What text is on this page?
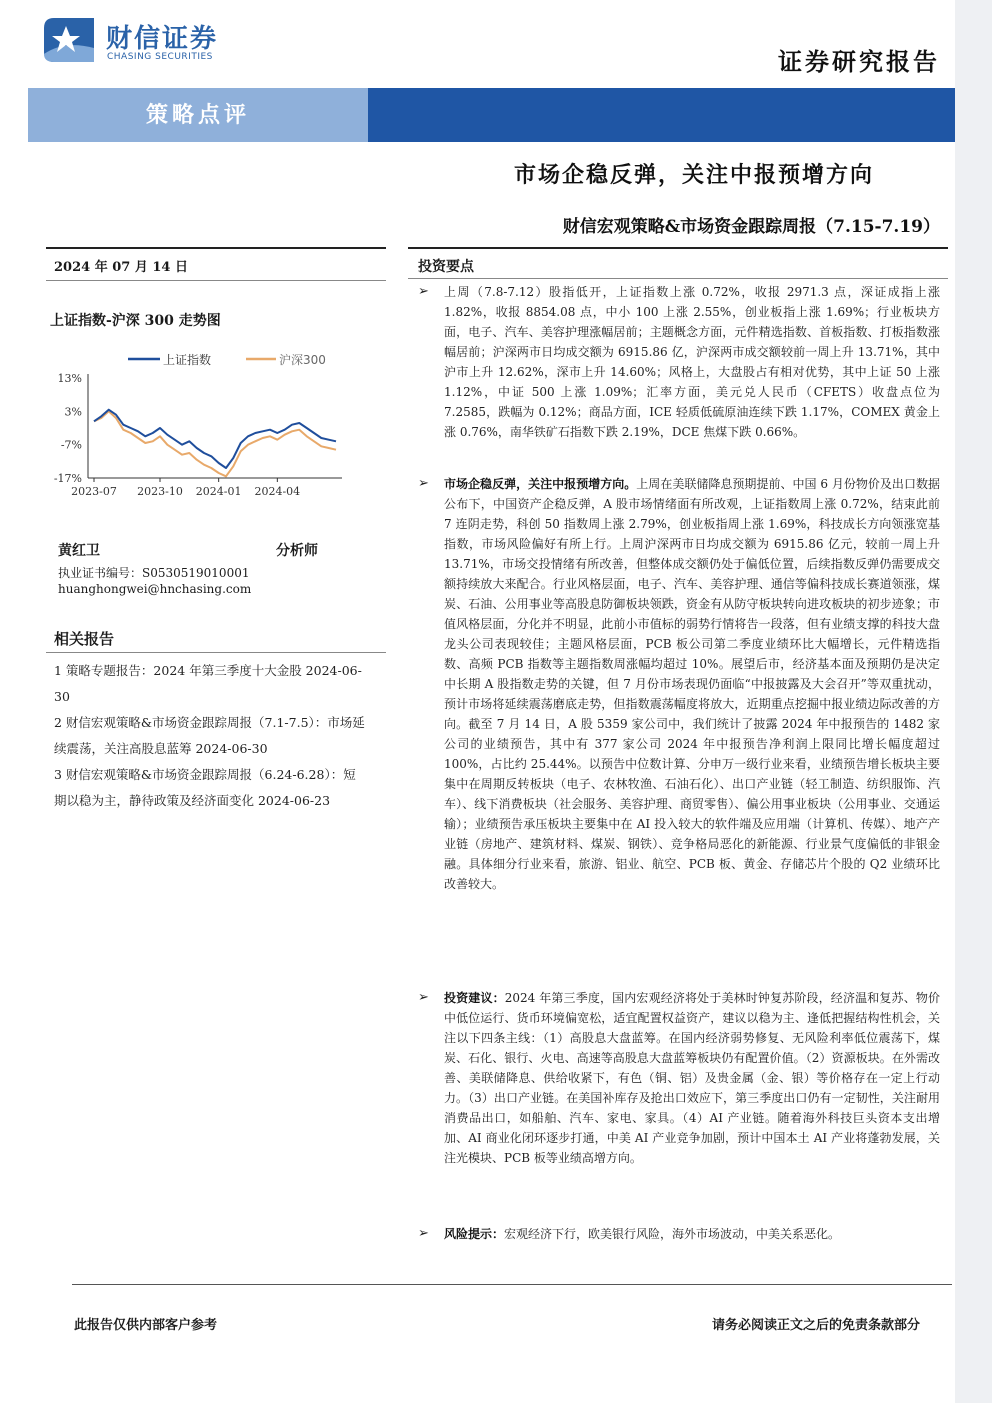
财信证券
CHASING SECURITIES	证券研究报告
策略点评
市场企稳反弹，关注中报预增方向
财信宏观策略&市场资金跟踪周报（7.15-7.19）
2024 年 07 月 14 日
上证指数-沪深 300 走势图
上证指数	沪深300
13%
3%
-7%
-17%
2023-07 2023-10 2024-01 2024-04
黄红卫	分析师
执业证书编号：S0530519010001
huanghongwei@hnchasing.com
相关报告
1 策略专题报告：2024 年第三季度十大金股 2024-06-30
2 财信宏观策略&市场资金跟踪周报（7.1-7.5）：市场延续震荡，关注高股息蓝筹 2024-06-30
3 财信宏观策略&市场资金跟踪周报（6.24-6.28）：短期以稳为主，静待政策及经济面变化 2024-06-23
投资要点
➢ 上周（7.8-7.12）股指低开，上证指数上涨 0.72%，收报 2971.3 点，深证成指上涨 1.82%，收报 8854.08 点，中小 100 上涨 2.55%，创业板指上涨 1.69%；行业板块方面，电子、汽车、美容护理涨幅居前；主题概念方面，元件精选指数、首板指数、打板指数涨幅居前；沪深两市日均成交额为 6915.86 亿，沪深两市成交额较前一周上升 13.71%，其中沪市上升 12.62%，深市上升 14.60%；风格上，大盘股占有相对优势，其中上证 50 上涨 1.12%，中证 500 上涨 1.09%；汇率方面，美元兑人民币（CFETS）收盘点位为 7.2585，跌幅为 0.12%；商品方面，ICE 轻质低硫原油连续下跌 1.17%，COMEX 黄金上涨 0.76%，南华铁矿石指数下跌 2.19%，DCE 焦煤下跌 0.66%。
➢ 市场企稳反弹，关注中报预增方向。上周在美联储降息预期提前、中国 6 月份物价及出口数据公布下，中国资产企稳反弹，A 股市场情绪面有所改观，上证指数周上涨 0.72%，结束此前 7 连阴走势，科创 50 指数周上涨 2.79%，创业板指周上涨 1.69%，科技成长方向领涨宽基指数，市场风险偏好有所上行。上周沪深两市日均成交额为 6915.86 亿元，较前一周上升 13.71%，市场交投情绪有所改善，但整体成交额仍处于偏低位置，后续指数反弹仍需要成交额持续放大来配合。行业风格层面，电子、汽车、美容护理、通信等偏科技成长赛道领涨，煤炭、石油、公用事业等高股息防御板块领跌，资金有从防守板块转向进攻板块的初步迹象；市值风格层面，分化并不明显，此前小市值标的弱势行情将告一段落，但有业绩支撑的科技大盘龙头公司表现较佳；主题风格层面，PCB 板公司第二季度业绩环比大幅增长，元件精选指数、高频 PCB 指数等主题指数周涨幅均超过 10%。展望后市，经济基本面及预期仍是决定中长期 A 股指数走势的关键，但 7 月份市场表现仍面临“中报披露及大会召开”等双重扰动，预计市场将延续震荡磨底走势，但指数震荡幅度将放大，近期重点挖掘中报业绩边际改善的方向。截至 7 月 14 日，A 股 5359 家公司中，我们统计了披露 2024 年中报预告的 1482 家公司的业绩预告，其中有 377 家公司 2024 年中报预告净利润上限同比增长幅度超过 100%，占比约 25.44%。以预告中位数计算、分申万一级行业来看，业绩预告增长板块主要集中在周期反转板块（电子、农林牧渔、石油石化）、出口产业链（轻工制造、纺织服饰、汽车）、线下消费板块（社会服务、美容护理、商贸零售）、偏公用事业板块（公用事业、交通运输）；业绩预告承压板块主要集中在 AI 投入较大的软件端及应用端（计算机、传媒）、地产产业链（房地产、建筑材料、煤炭、钢铁）、竞争格局恶化的新能源、行业景气度偏低的非银金融。具体细分行业来看，旅游、铝业、航空、PCB 板、黄金、存储芯片个股的 Q2 业绩环比改善较大。
➢ 投资建议：2024 年第三季度，国内宏观经济将处于美林时钟复苏阶段，经济温和复苏、物价中低位运行、货币环境偏宽松，适宜配置权益资产，建议以稳为主、逢低把握结构性机会，关注以下四条主线：（1）高股息大盘蓝筹。在国内经济弱势修复、无风险利率低位震荡下，煤炭、石化、银行、火电、高速等高股息大盘蓝筹板块仍有配置价值。（2）资源板块。在外需改善、美联储降息、供给收紧下，有色（铜、铝）及贵金属（金、银）等价格存在一定上行动力。（3）出口产业链。在美国补库存及抢出口效应下，第三季度出口仍有一定韧性，关注耐用消费品出口，如船舶、汽车、家电、家具。（4）AI 产业链。随着海外科技巨头资本支出增加、AI 商业化闭环逐步打通，中美 AI 产业竞争加剧，预计中国本土 AI 产业将蓬勃发展，关注光模块、PCB 板等业绩高增方向。
➢ 风险提示：宏观经济下行，欧美银行风险，海外市场波动，中美关系恶化。
此报告仅供内部客户参考	请务必阅读正文之后的免责条款部分
